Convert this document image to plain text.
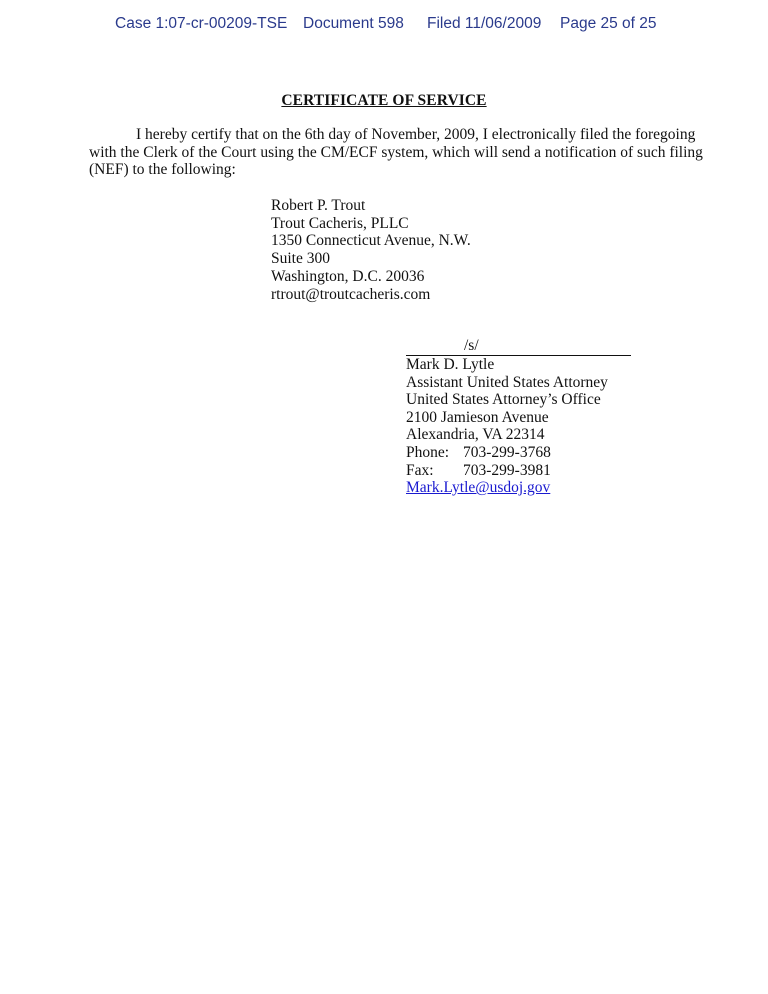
Case 1:07-cr-00209-TSE Document 598 Filed 11/06/2009 Page 25 of 25
CERTIFICATE OF SERVICE
I hereby certify that on the 6th day of November, 2009, I electronically filed the foregoing
with the Clerk of the Court using the CM/ECF system, which will send a notification of such filing
(NEF) to the following:
Robert P. Trout
Trout Cacheris, PLLC
1350 Connecticut Avenue, N.W.
Suite 300
Washington, D.C. 20036
rtrout@troutcacheris.com
/s/
Mark D. Lytle
Assistant United States Attorney
United States Attorney’s Office
2100 Jamieson Avenue
Alexandria, VA 22314
Phone: 703-299-3768
Fax: 703-299-3981
Mark.Lytle@usdoj.gov
